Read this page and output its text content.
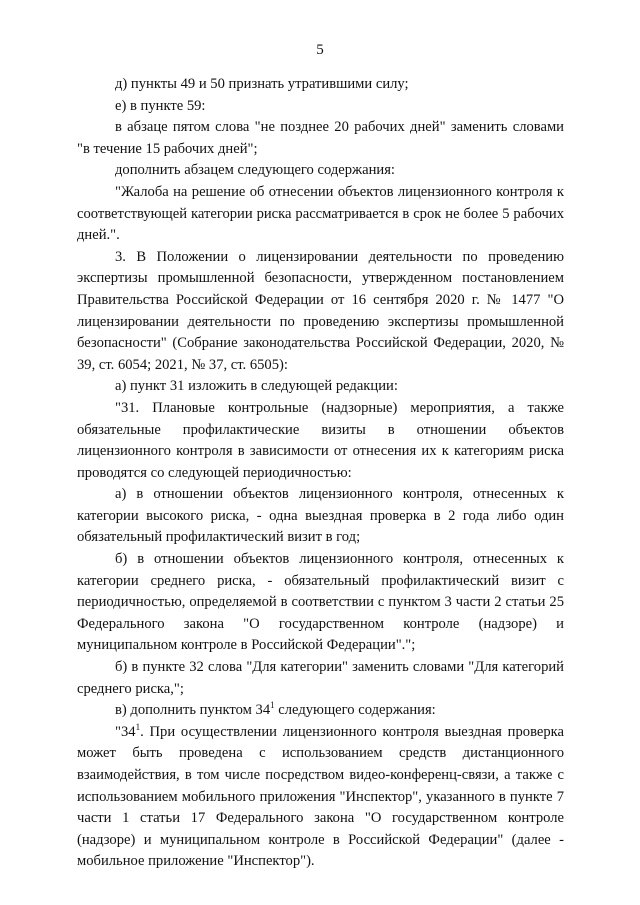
5

д) пункты 49 и 50 признать утратившими силу;

е) в пункте 59:

в абзаце пятом слова "не позднее 20 рабочих дней" заменить словами "в течение 15 рабочих дней";

дополнить абзацем следующего содержания:

"Жалоба на решение об отнесении объектов лицензионного контроля к соответствующей категории риска рассматривается в срок не более 5 рабочих дней.".

3. В Положении о лицензировании деятельности по проведению экспертизы промышленной безопасности, утвержденном постановлением Правительства Российской Федерации от 16 сентября 2020 г. № 1477 "О лицензировании деятельности по проведению экспертизы промышленной безопасности" (Собрание законодательства Российской Федерации, 2020, № 39, ст. 6054; 2021, № 37, ст. 6505):

а) пункт 31 изложить в следующей редакции:

"31. Плановые контрольные (надзорные) мероприятия, а также обязательные профилактические визиты в отношении объектов лицензионного контроля в зависимости от отнесения их к категориям риска проводятся со следующей периодичностью:

а) в отношении объектов лицензионного контроля, отнесенных к категории высокого риска, - одна выездная проверка в 2 года либо один обязательный профилактический визит в год;

б) в отношении объектов лицензионного контроля, отнесенных к категории среднего риска, - обязательный профилактический визит с периодичностью, определяемой в соответствии с пунктом 3 части 2 статьи 25 Федерального закона "О государственном контроле (надзоре) и муниципальном контроле в Российской Федерации".";

б) в пункте 32 слова "Для категории" заменить словами "Для категорий среднего риска,";

в) дополнить пунктом $34^1$ следующего содержания:

"$34^1$. При осуществлении лицензионного контроля выездная проверка может быть проведена с использованием средств дистанционного взаимодействия, в том числе посредством видео-конференц-связи, а также с использованием мобильного приложения "Инспектор", указанного в пункте 7 части 1 статьи 17 Федерального закона "О государственном контроле (надзоре) и муниципальном контроле в Российской Федерации" (далее - мобильное приложение "Инспектор").
